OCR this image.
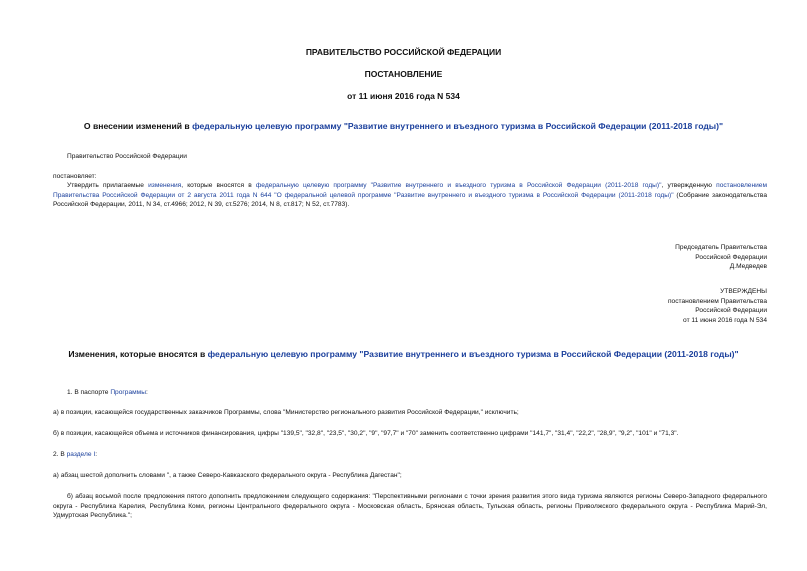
ПРАВИТЕЛЬСТВО РОССИЙСКОЙ ФЕДЕРАЦИИ
ПОСТАНОВЛЕНИЕ
от 11 июня 2016 года N 534
О внесении изменений в федеральную целевую программу "Развитие внутреннего и въездного туризма в Российской Федерации (2011-2018 годы)"
Правительство Российской Федерации
постановляет:
Утвердить прилагаемые изменения, которые вносятся в федеральную целевую программу "Развитие внутреннего и въездного туризма в Российской Федерации (2011-2018 годы)", утвержденную постановлением Правительства Российской Федерации от 2 августа 2011 года N 644 "О федеральной целевой программе "Развитие внутреннего и въездного туризма в Российской Федерации (2011-2018 годы)" (Собрание законодательства Российской Федерации, 2011, N 34, ст.4966; 2012, N 39, ст.5276; 2014, N 8, ст.817; N 52, ст.7783).
Председатель Правительства
Российской Федерации
Д.Медведев
УТВЕРЖДЕНЫ
постановлением Правительства
Российской Федерации
от 11 июня 2016 года N 534
Изменения, которые вносятся в федеральную целевую программу "Развитие внутреннего и въездного туризма в Российской Федерации (2011-2018 годы)"
1. В паспорте Программы:
а) в позиции, касающейся государственных заказчиков Программы, слова "Министерство регионального развития Российской Федерации," исключить;
б) в позиции, касающейся объема и источников финансирования, цифры "139,5", "32,8", "23,5", "30,2", "9", "97,7" и "70" заменить соответственно цифрами "141,7", "31,4", "22,2", "28,9", "9,2", "101" и "71,3".
2. В разделе I:
а) абзац шестой дополнить словами ", а также Северо-Кавказского федерального округа - Республика Дагестан";
б) абзац восьмой после предложения пятого дополнить предложением следующего содержания: "Перспективными регионами с точки зрения развития этого вида туризма являются регионы Северо-Западного федерального округа - Республика Карелия, Республика Коми, регионы Центрального федерального округа - Московская область, Брянская область, Тульская область, регионы Приволжского федерального округа - Республика Марий-Эл, Удмуртская Республика.";
